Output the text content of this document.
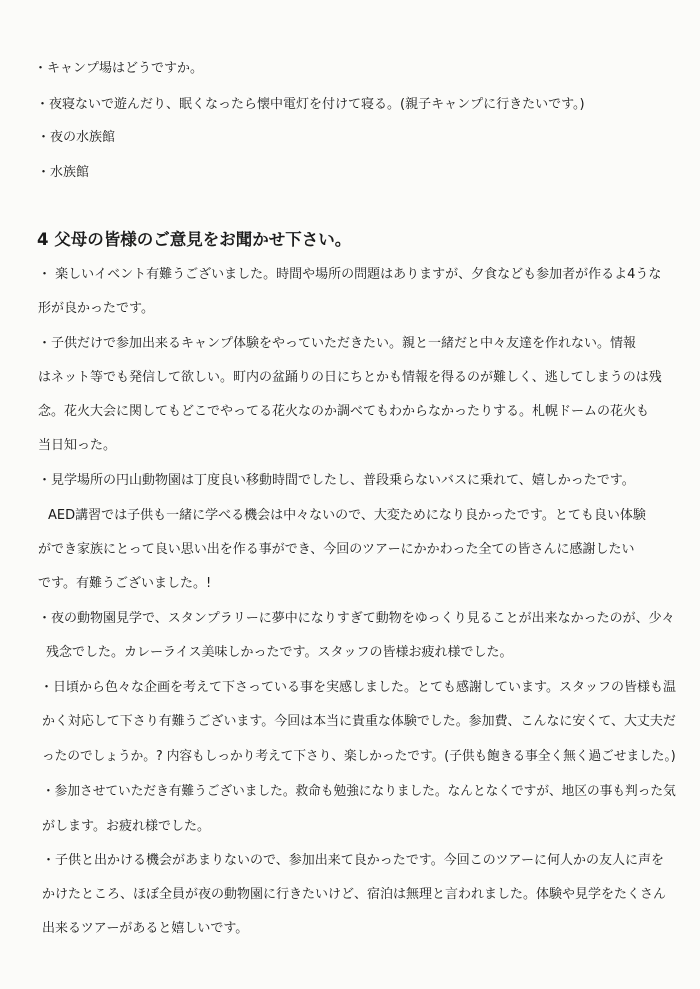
・キャンプ場はどうですか。
・夜寝ないで遊んだり、眠くなったら懐中電灯を付けて寝る。(親子キャンプに行きたいです。)
・夜の水族館
・水族館
4 父母の皆様のご意見をお聞かせ下さい。
・ 楽しいイベント有難うございました。時間や場所の問題はありますが、夕食なども参加者が作るよ4うな
形が良かったです。
・子供だけで参加出来るキャンプ体験をやっていただきたい。親と一緒だと中々友達を作れない。情報
はネット等でも発信して欲しい。町内の盆踊りの日にちとかも情報を得るのが難しく、逃してしまうのは残
念。花火大会に関してもどこでやってる花火なのか調べてもわからなかったりする。札幌ドームの花火も
当日知った。
・見学場所の円山動物園は丁度良い移動時間でしたし、普段乗らないバスに乗れて、嬉しかったです。
AED講習では子供も一緒に学べる機会は中々ないので、大変ためになり良かったです。とても良い体験
ができ家族にとって良い思い出を作る事ができ、今回のツアーにかかわった全ての皆さんに感謝したい
です。有難うございました。!
・夜の動物園見学で、スタンプラリーに夢中になりすぎて動物をゆっくり見ることが出来なかったのが、少々
残念でした。カレーライス美味しかったです。スタッフの皆様お疲れ様でした。
・日頃から色々な企画を考えて下さっている事を実感しました。とても感謝しています。スタッフの皆様も温
かく対応して下さり有難うございます。今回は本当に貴重な体験でした。参加費、こんなに安くて、大丈夫だ
ったのでしょうか。? 内容もしっかり考えて下さり、楽しかったです。(子供も飽きる事全く無く過ごせました。)
・参加させていただき有難うございました。救命も勉強になりました。なんとなくですが、地区の事も判った気
がします。お疲れ様でした。
・子供と出かける機会があまりないので、参加出来て良かったです。今回このツアーに何人かの友人に声を
かけたところ、ほぼ全員が夜の動物園に行きたいけど、宿泊は無理と言われました。体験や見学をたくさん
出来るツアーがあると嬉しいです。
